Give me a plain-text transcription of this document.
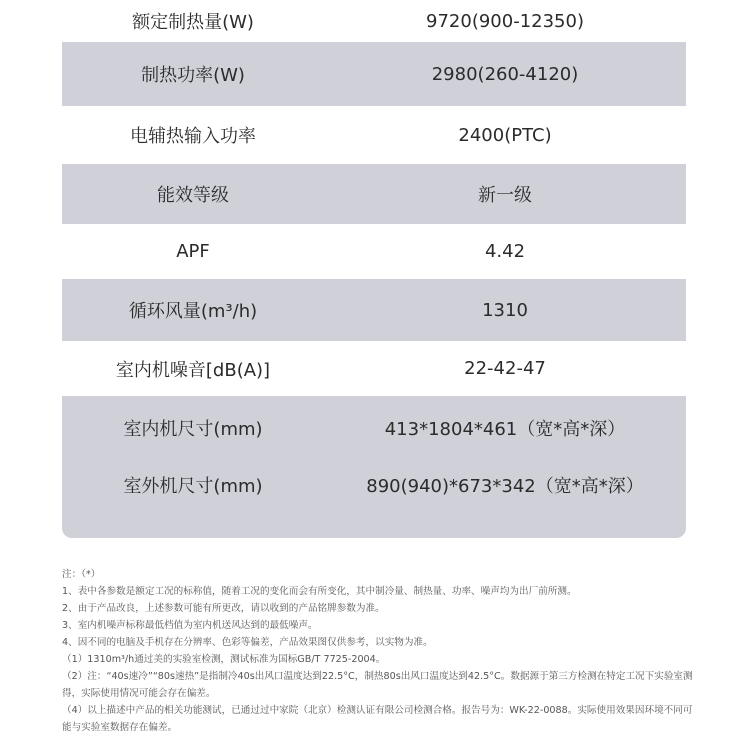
额定制热量(W)	9720(900-12350)
制热功率(W)	2980(260-4120)
电辅热输入功率	2400(PTC)
能效等级	新一级
APF	4.42
循环风量(m³/h)	1310
室内机噪音[dB(A)]	22-42-47
室内机尺寸(mm)	413*1804*461（宽*高*深）
室外机尺寸(mm)	890(940)*673*342（宽*高*深）
注：（*）
1、表中各参数是额定工况的标称值，随着工况的变化而会有所变化，其中制冷量、制热量、功率、噪声均为出厂前所测。
2、由于产品改良，上述参数可能有所更改，请以收到的产品铭牌参数为准。
3、室内机噪声标称最低档值为室内机送风达到的最低噪声。
4、因不同的电脑及手机存在分辨率、色彩等偏差，产品效果图仅供参考，以实物为准。
（1）1310m³/h通过美的实验室检测，测试标准为国标GB/T 7725-2004。
（2）注：“40s速冷”“80s速热”是指制冷40s出风口温度达到22.5°C，制热80s出风口温度达到42.5°C。数据源于第三方检测在特定工况下实验室测得，实际使用情况可能会存在偏差。
（4）以上描述中产品的相关功能测试，已通过过中家院（北京）检测认证有限公司检测合格。报告号为：WK-22-0088。实际使用效果因环境不同可能与实验室数据存在偏差。
